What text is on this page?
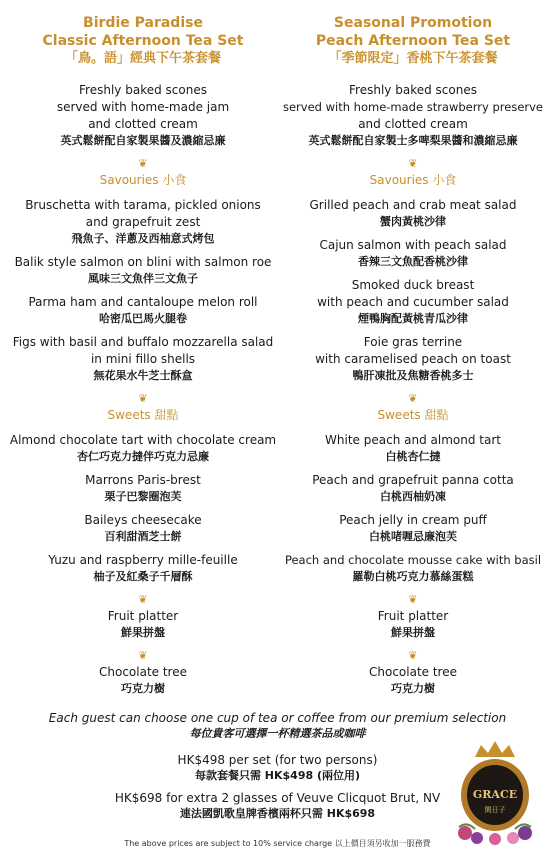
Birdie Paradise
Classic Afternoon Tea Set
「鳥。語」經典下午茶套餐
Freshly baked scones
served with home-made jam
and clotted cream
英式鬆餅配自家製果醬及濃縮忌廉
❦
Savouries 小食
Bruschetta with tarama, pickled onions
and grapefruit zest
飛魚子、洋蔥及西柚意式烤包
Balik style salmon on blini with salmon roe
風味三文魚伴三文魚子
Parma ham and cantaloupe melon roll
哈密瓜巴馬火腿卷
Figs with basil and buffalo mozzarella salad
in mini fillo shells
無花果水牛芝士酥盒
❦
Sweets 甜點
Almond chocolate tart with chocolate cream
杏仁巧克力撻伴巧克力忌廉
Marrons Paris-brest
栗子巴黎圈泡芙
Baileys cheesecake
百利甜酒芝士餅
Yuzu and raspberry mille-feuille
柚子及紅桑子千層酥
❦
Fruit platter
鮮果拼盤
❦
Chocolate tree
巧克力樹
Seasonal Promotion
Peach Afternoon Tea Set
「季節限定」香桃下午茶套餐
Freshly baked scones
served with home-made strawberry preserve
and clotted cream
英式鬆餅配自家製士多啤梨果醬和濃縮忌廉
❦
Savouries 小食
Grilled peach and crab meat salad
蟹肉黃桃沙律
Cajun salmon with peach salad
香辣三文魚配香桃沙律
Smoked duck breast
with peach and cucumber salad
煙鴨胸配黃桃青瓜沙律
Foie gras terrine
with caramelised peach on toast
鴨肝凍批及焦糖香桃多士
❦
Sweets 甜點
White peach and almond tart
白桃杏仁撻
Peach and grapefruit panna cotta
白桃西柚奶凍
Peach jelly in cream puff
白桃啫喱忌廉泡芙
Peach and chocolate mousse cake with basil
羅勒白桃巧克力慕絲蛋糕
❦
Fruit platter
鮮果拼盤
❦
Chocolate tree
巧克力樹
Each guest can choose one cup of tea or coffee from our premium selection
每位貴客可選擇一杯精選茶品或咖啡
HK$498 per set (for two persons)
每款套餐只需 HK$498 (兩位用)
HK$698 for extra 2 glasses of Veuve Clicquot Brut, NV
連法國凱歌皇牌香檳兩杯只需 HK$698
The above prices are subject to 10% service charge 以上價目須另收加一服務費
GRACE
閑日子
